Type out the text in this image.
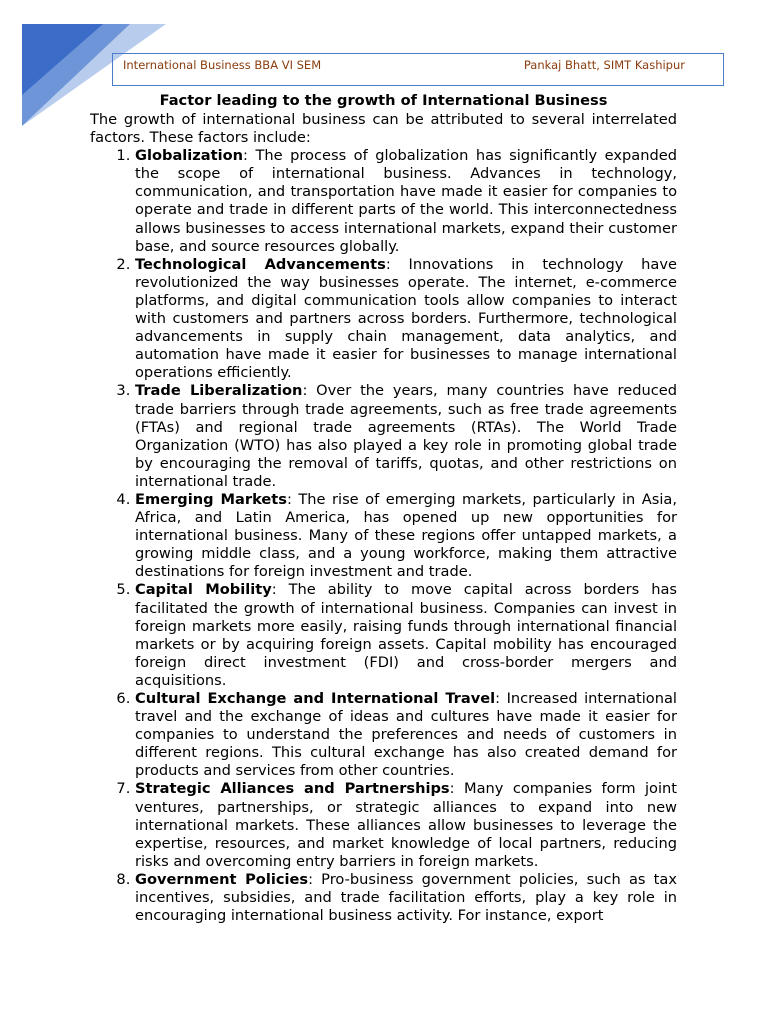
International Business BBA VI SEM	Pankaj Bhatt, SIMT Kashipur
Factor leading to the growth of International Business

The growth of international business can be attributed to several interrelated factors. These factors include:

1. Globalization: The process of globalization has significantly expanded the scope of international business. Advances in technology, communication, and transportation have made it easier for companies to operate and trade in different parts of the world. This interconnectedness allows businesses to access international markets, expand their customer base, and source resources globally.
2. Technological Advancements: Innovations in technology have revolutionized the way businesses operate. The internet, e-commerce platforms, and digital communication tools allow companies to interact with customers and partners across borders. Furthermore, technological advancements in supply chain management, data analytics, and automation have made it easier for businesses to manage international operations efficiently.
3. Trade Liberalization: Over the years, many countries have reduced trade barriers through trade agreements, such as free trade agreements (FTAs) and regional trade agreements (RTAs). The World Trade Organization (WTO) has also played a key role in promoting global trade by encouraging the removal of tariffs, quotas, and other restrictions on international trade.
4. Emerging Markets: The rise of emerging markets, particularly in Asia, Africa, and Latin America, has opened up new opportunities for international business. Many of these regions offer untapped markets, a growing middle class, and a young workforce, making them attractive destinations for foreign investment and trade.
5. Capital Mobility: The ability to move capital across borders has facilitated the growth of international business. Companies can invest in foreign markets more easily, raising funds through international financial markets or by acquiring foreign assets. Capital mobility has encouraged foreign direct investment (FDI) and cross-border mergers and acquisitions.
6. Cultural Exchange and International Travel: Increased international travel and the exchange of ideas and cultures have made it easier for companies to understand the preferences and needs of customers in different regions. This cultural exchange has also created demand for products and services from other countries.
7. Strategic Alliances and Partnerships: Many companies form joint ventures, partnerships, or strategic alliances to expand into new international markets. These alliances allow businesses to leverage the expertise, resources, and market knowledge of local partners, reducing risks and overcoming entry barriers in foreign markets.
8. Government Policies: Pro-business government policies, such as tax incentives, subsidies, and trade facilitation efforts, play a key role in encouraging international business activity. For instance, export
